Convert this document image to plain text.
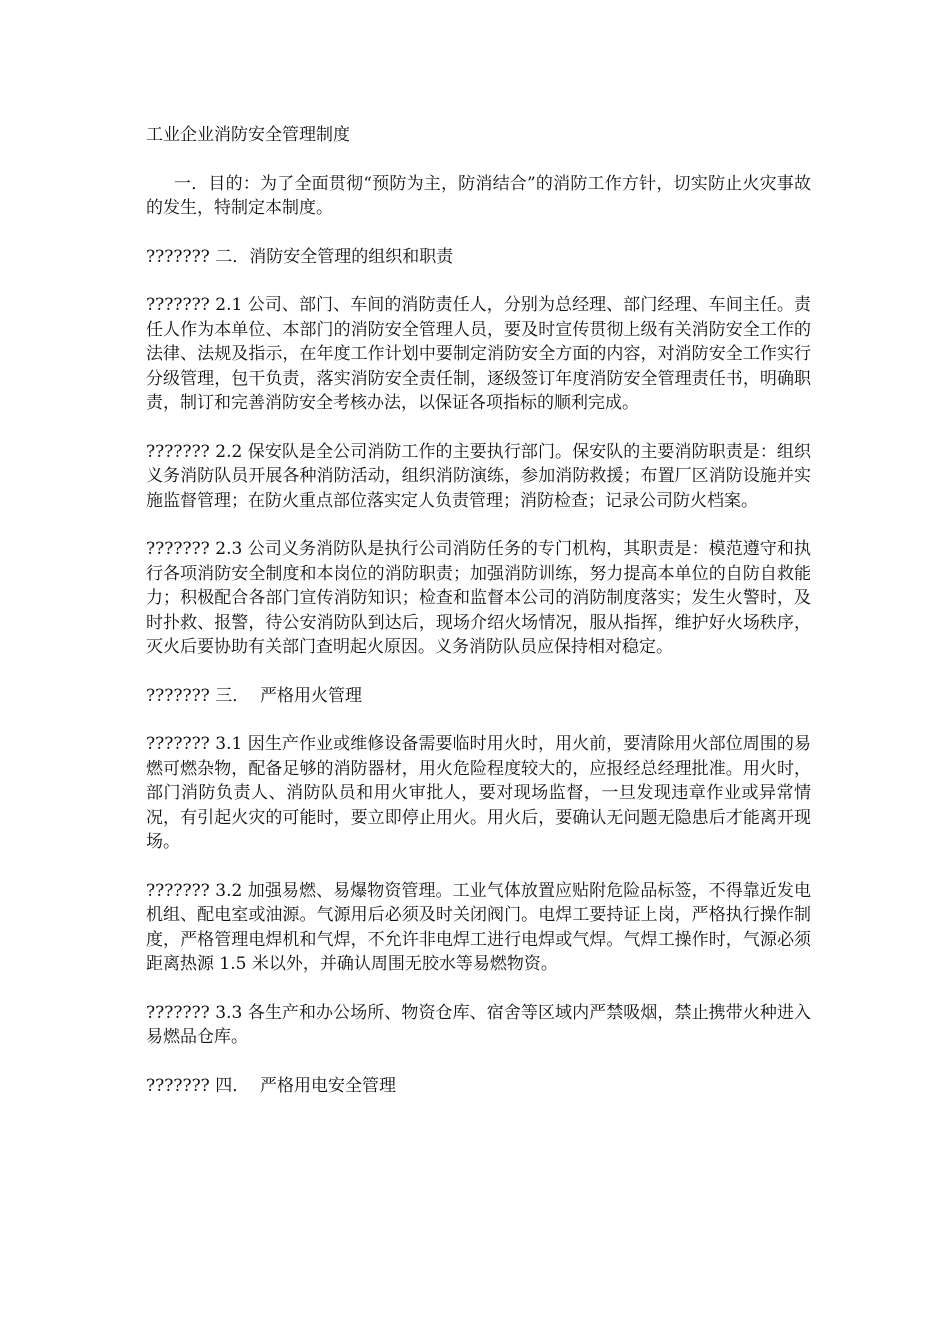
工业企业消防安全管理制度

一．目的：为了全面贯彻“预防为主，防消结合”的消防工作方针，切实防止火灾事故的发生，特制定本制度。

??????? 二．消防安全管理的组织和职责

??????? 2.1 公司、部门、车间的消防责任人，分别为总经理、部门经理、车间主任。责任人作为本单位、本部门的消防安全管理人员，要及时宣传贯彻上级有关消防安全工作的法律、法规及指示，在年度工作计划中要制定消防安全方面的内容，对消防安全工作实行分级管理，包干负责，落实消防安全责任制，逐级签订年度消防安全管理责任书，明确职责，制订和完善消防安全考核办法，以保证各项指标的顺利完成。

??????? 2.2 保安队是全公司消防工作的主要执行部门。保安队的主要消防职责是：组织义务消防队员开展各种消防活动，组织消防演练，参加消防救援；布置厂区消防设施并实施监督管理；在防火重点部位落实定人负责管理；消防检查；记录公司防火档案。

??????? 2.3 公司义务消防队是执行公司消防任务的专门机构，其职责是：模范遵守和执行各项消防安全制度和本岗位的消防职责；加强消防训练，努力提高本单位的自防自救能力；积极配合各部门宣传消防知识；检查和监督本公司的消防制度落实；发生火警时，及时扑救、报警，待公安消防队到达后，现场介绍火场情况，服从指挥，维护好火场秩序，灭火后要协助有关部门查明起火原因。义务消防队员应保持相对稳定。

??????? 三．  严格用火管理

??????? 3.1 因生产作业或维修设备需要临时用火时，用火前，要清除用火部位周围的易燃可燃杂物，配备足够的消防器材，用火危险程度较大的，应报经总经理批准。用火时，部门消防负责人、消防队员和用火审批人，要对现场监督，一旦发现违章作业或异常情况，有引起火灾的可能时，要立即停止用火。用火后，要确认无问题无隐患后才能离开现场。

??????? 3.2 加强易燃、易爆物资管理。工业气体放置应贴附危险品标签，不得靠近发电机组、配电室或油源。气源用后必须及时关闭阀门。电焊工要持证上岗，严格执行操作制度，严格管理电焊机和气焊，不允许非电焊工进行电焊或气焊。气焊工操作时，气源必须距离热源 1.5 米以外，并确认周围无胶水等易燃物资。

??????? 3.3 各生产和办公场所、物资仓库、宿舍等区域内严禁吸烟，禁止携带火种进入易燃品仓库。

??????? 四．  严格用电安全管理
